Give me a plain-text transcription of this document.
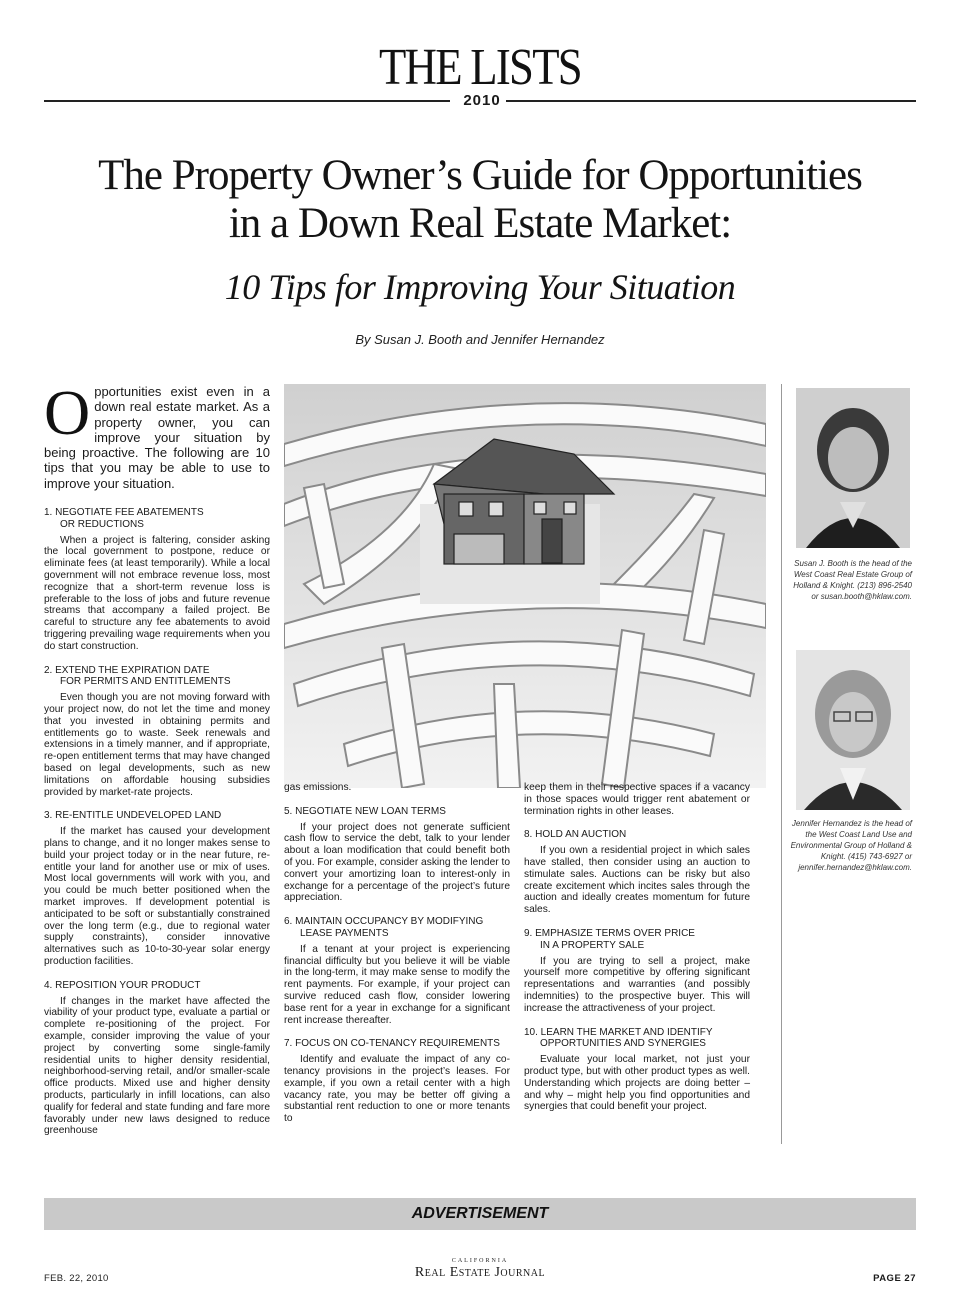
THE LISTS
2010
The Property Owner’s Guide for Opportunities
in a Down Real Estate Market:
10 Tips for Improving Your Situation
By Susan J. Booth and Jennifer Hernandez

Opportunities exist even in a down real estate market. As a property owner, you can improve your situation by being proactive. The following are 10 tips that you may be able to use to improve your situation.

1. NEGOTIATE FEE ABATEMENTS
OR REDUCTIONS

When a project is faltering, consider asking the local government to postpone, reduce or eliminate fees (at least temporarily). While a local government will not embrace revenue loss, most recognize that a short-term revenue loss is preferable to the loss of jobs and future revenue streams that accompany a failed project. Be careful to structure any fee abatements to avoid triggering prevailing wage requirements when you do start construction.

2. EXTEND THE EXPIRATION DATE
FOR PERMITS AND ENTITLEMENTS

Even though you are not moving forward with your project now, do not let the time and money that you invested in obtaining permits and entitlements go to waste. Seek renewals and extensions in a timely manner, and if appropriate, re-open entitlement terms that may have changed based on legal developments, such as new limitations on affordable housing subsidies provided by market-rate projects.

3. RE-ENTITLE UNDEVELOPED LAND

If the market has caused your development plans to change, and it no longer makes sense to build your project today or in the near future, re-entitle your land for another use or mix of uses. Most local governments will work with you, and you could be much better positioned when the market improves. If development potential is anticipated to be soft or substantially constrained over the long term (e.g., due to regional water supply constraints), consider innovative alternatives such as 10-to-30-year solar energy production facilities.

4. REPOSITION YOUR PRODUCT

If changes in the market have affected the viability of your product type, evaluate a partial or complete re-positioning of the project. For example, consider improving the value of your project by converting some single-family residential units to higher density residential, neighborhood-serving retail, and/or smaller-scale office products. Mixed use and higher density products, particularly in infill locations, can also qualify for federal and state funding and fare more favorably under new laws designed to reduce greenhouse

gas emissions.

5. NEGOTIATE NEW LOAN TERMS

If your project does not generate sufficient cash flow to service the debt, talk to your lender about a loan modification that could benefit both of you. For example, consider asking the lender to convert your amortizing loan to interest-only in exchange for a percentage of the project’s future appreciation.

6. MAINTAIN OCCUPANCY BY MODIFYING
LEASE PAYMENTS

If a tenant at your project is experiencing financial difficulty but you believe it will be viable in the long-term, it may make sense to modify the rent payments. For example, if your project can survive reduced cash flow, consider lowering base rent for a year in exchange for a significant rent increase thereafter.

7. FOCUS ON CO-TENANCY REQUIREMENTS

Identify and evaluate the impact of any co-tenancy provisions in the project’s leases. For example, if you own a retail center with a high vacancy rate, you may be better off giving a substantial rent reduction to one or more tenants to

keep them in their respective spaces if a vacancy in those spaces would trigger rent abatement or termination rights in other leases.

8. HOLD AN AUCTION

If you own a residential project in which sales have stalled, then consider using an auction to stimulate sales. Auctions can be risky but also create excitement which incites sales through the auction and ideally creates momentum for future sales.

9. EMPHASIZE TERMS OVER PRICE
IN A PROPERTY SALE

If you are trying to sell a project, make yourself more competitive by offering significant representations and warranties (and possibly indemnities) to the prospective buyer. This will increase the attractiveness of your project.

10. LEARN THE MARKET AND IDENTIFY
OPPORTUNITIES AND SYNERGIES

Evaluate your local market, not just your product type, but with other product types as well. Understanding which projects are doing better – and why – might help you find opportunities and synergies that could benefit your project.

Susan J. Booth is the head of the West Coast Real Estate Group of Holland & Knight. (213) 896-2540 or susan.booth@hklaw.com.
Jennifer Hernandez is the head of the West Coast Land Use and Environmental Group of Holland & Knight. (415) 743-6927 or jennifer.hernandez@hklaw.com.
ADVERTISEMENT
FEB. 22, 2010
CALIFORNIA
Real Estate Journal	PAGE 27
